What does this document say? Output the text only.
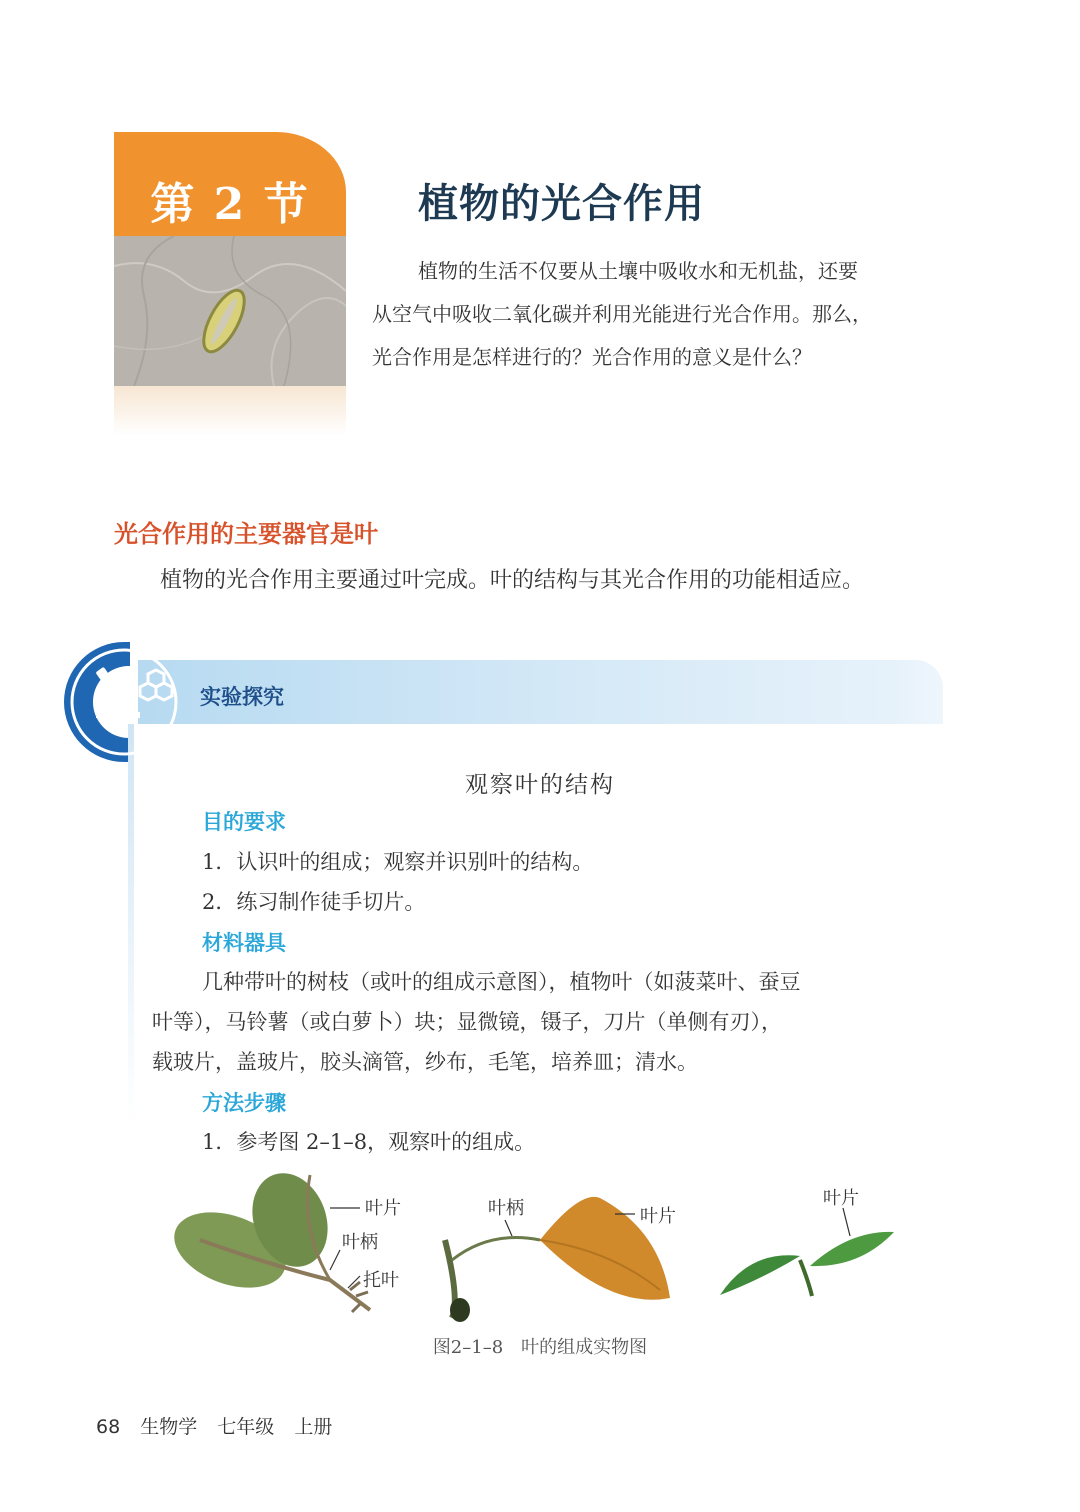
第 2 节	植物的光合作用
植物的生活不仅要从土壤中吸收水和无机盐，还要
从空气中吸收二氧化碳并利用光能进行光合作用。那么，
光合作用是怎样进行的？光合作用的意义是什么？
光合作用的主要器官是叶
植物的光合作用主要通过叶完成。叶的结构与其光合作用的功能相适应。
实验探究
观察叶的结构
目的要求
1．认识叶的组成；观察并识别叶的结构。
2．练习制作徒手切片。
材料器具
几种带叶的树枝（或叶的组成示意图），植物叶（如菠菜叶、蚕豆
叶等），马铃薯（或白萝卜）块；显微镜，镊子，刀片（单侧有刃），
载玻片，盖玻片，胶头滴管，纱布，毛笔，培养皿；清水。
方法步骤
1．参考图 2–1–8，观察叶的组成。
叶片
叶柄
托叶
叶柄	叶片
叶片
图2–1–8　叶的组成实物图
68 生物学 七年级 上册
